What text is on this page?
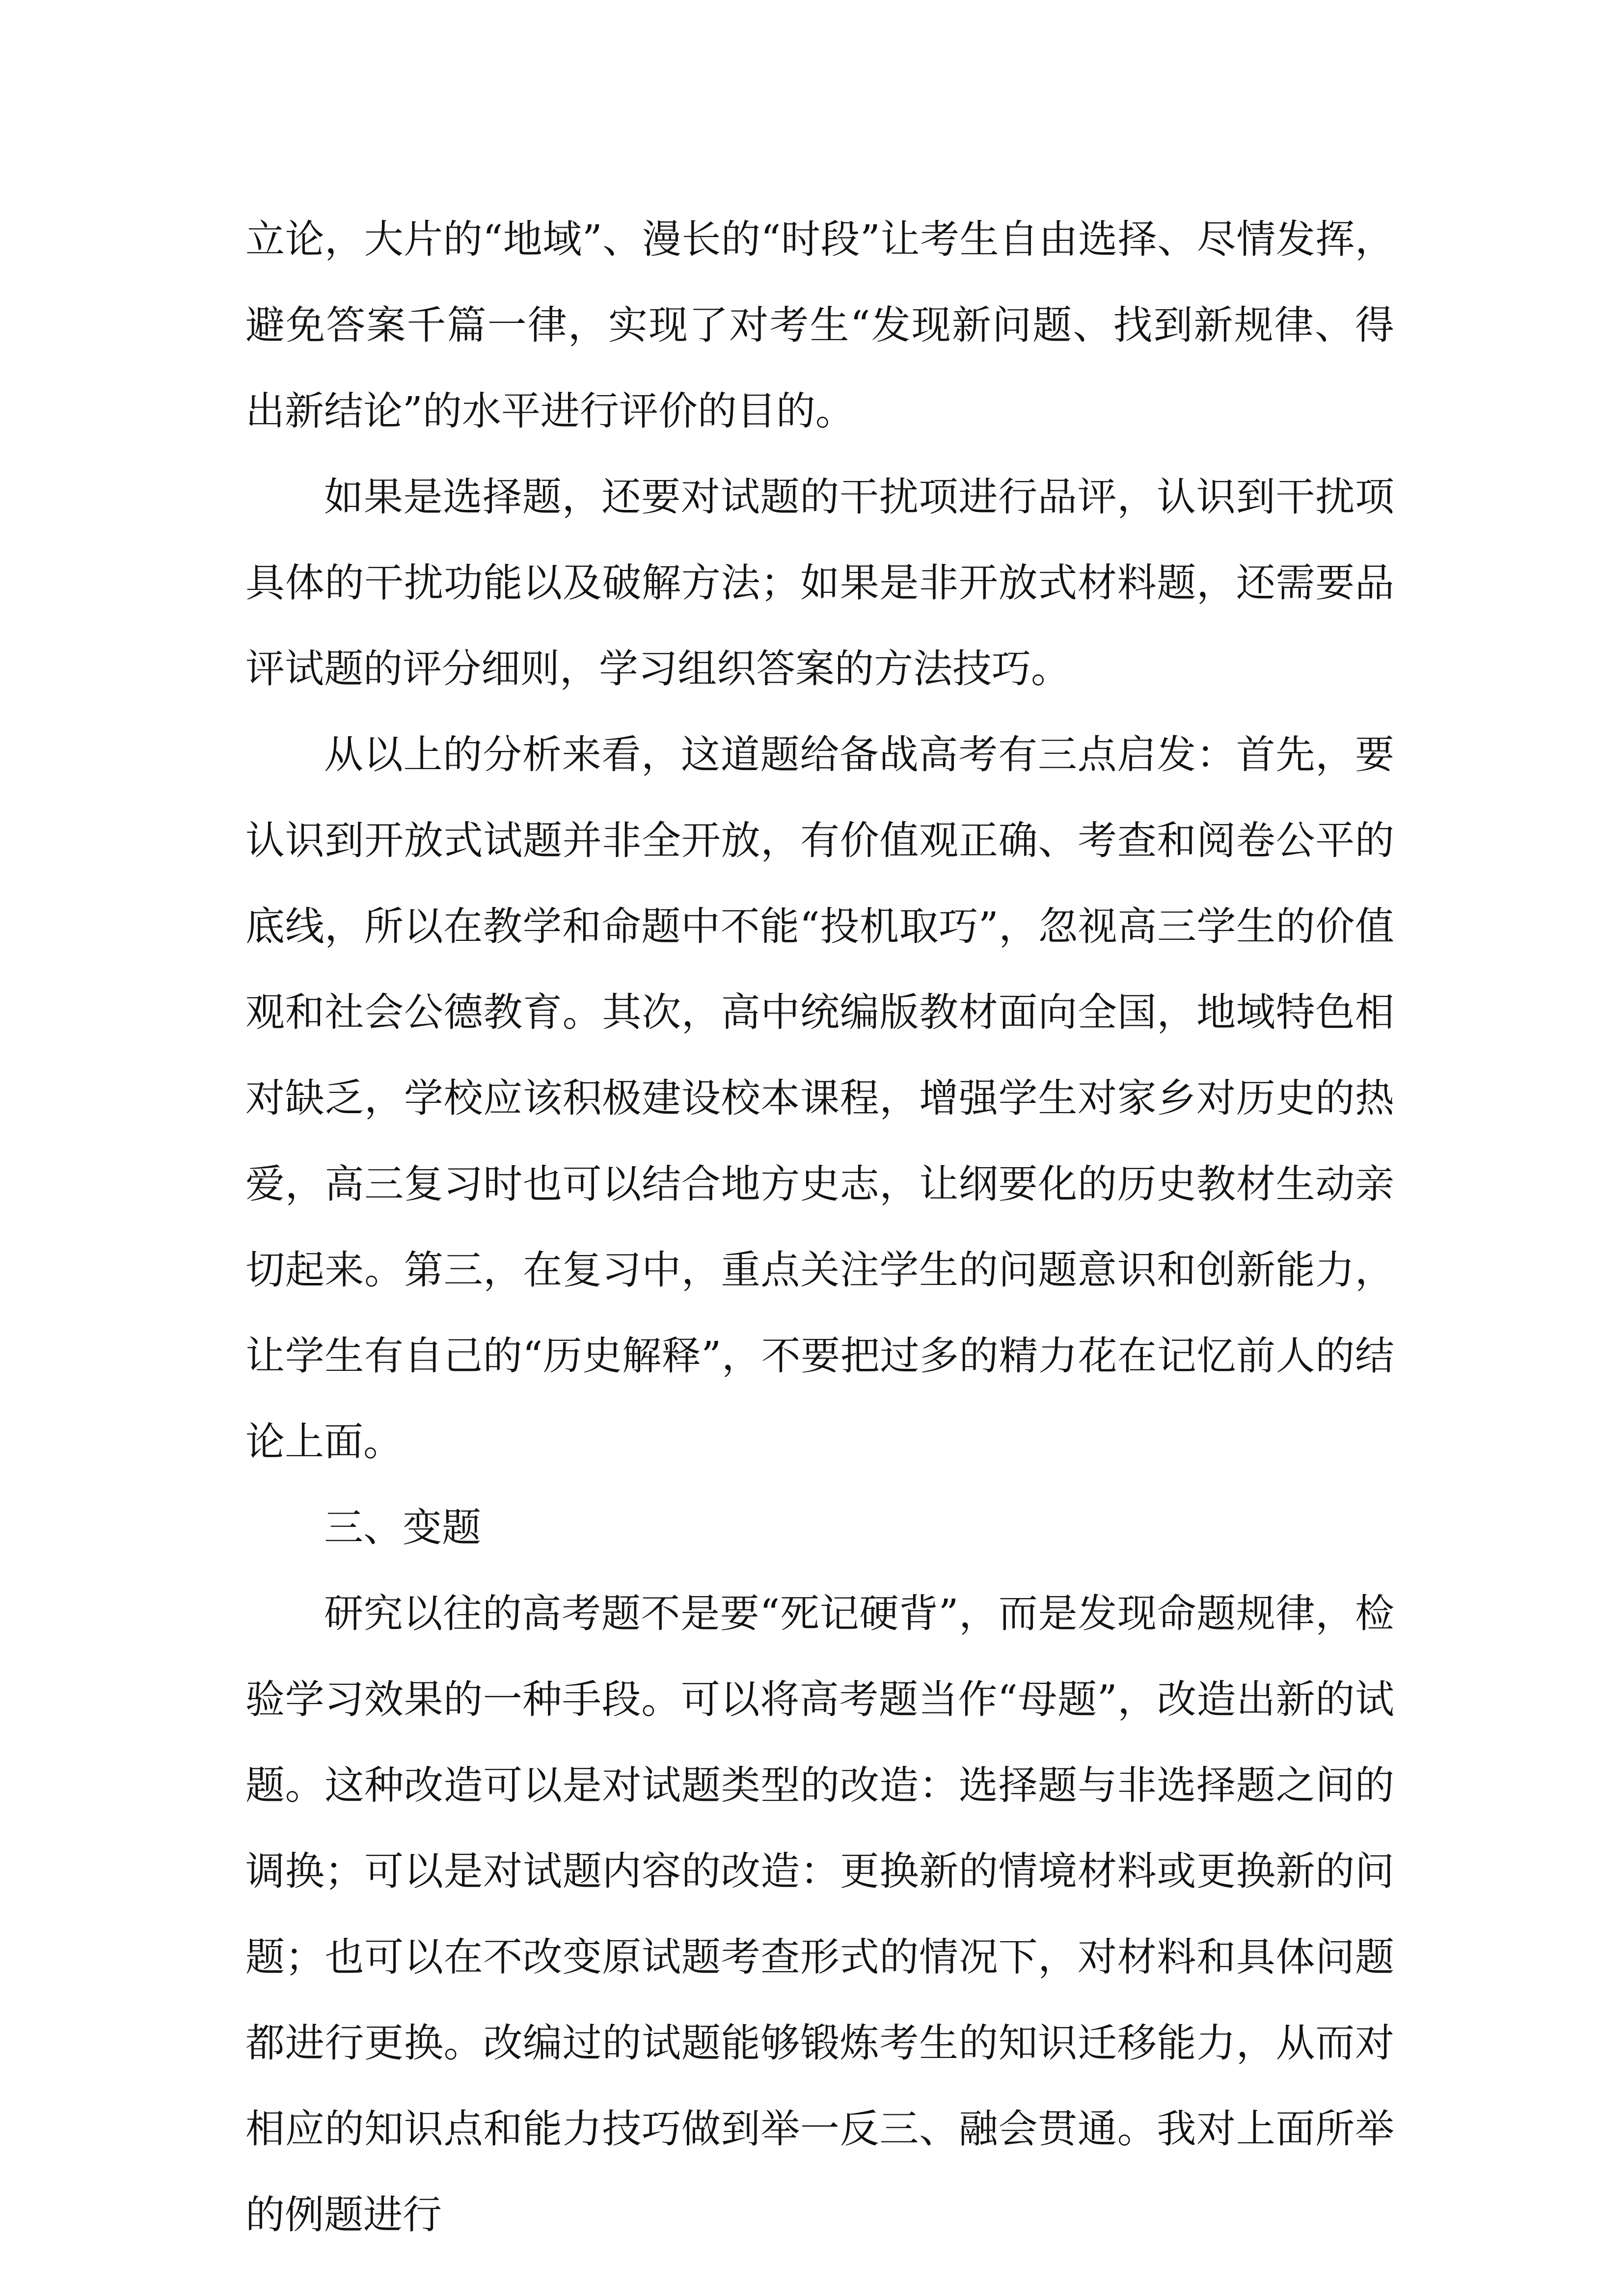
立论，大片的“地域”、漫长的“时段”让考生自由选择、尽情发挥，避免答案千篇一律，实现了对考生“发现新问题、找到新规律、得出新结论”的水平进行评价的目的。

如果是选择题，还要对试题的干扰项进行品评，认识到干扰项具体的干扰功能以及破解方法；如果是非开放式材料题，还需要品评试题的评分细则，学习组织答案的方法技巧。

从以上的分析来看，这道题给备战高考有三点启发：首先，要认识到开放式试题并非全开放，有价值观正确、考查和阅卷公平的底线，所以在教学和命题中不能“投机取巧”，忽视高三学生的价值观和社会公德教育。其次，高中统编版教材面向全国，地域特色相对缺乏，学校应该积极建设校本课程，增强学生对家乡对历史的热爱，高三复习时也可以结合地方史志，让纲要化的历史教材生动亲切起来。第三，在复习中，重点关注学生的问题意识和创新能力，让学生有自己的“历史解释”，不要把过多的精力花在记忆前人的结论上面。

三、变题

研究以往的高考题不是要“死记硬背”，而是发现命题规律，检验学习效果的一种手段。可以将高考题当作“母题”，改造出新的试题。这种改造可以是对试题类型的改造：选择题与非选择题之间的调换；可以是对试题内容的改造：更换新的情境材料或更换新的问题；也可以在不改变原试题考查形式的情况下，对材料和具体问题都进行更换。改编过的试题能够锻炼考生的知识迁移能力，从而对相应的知识点和能力技巧做到举一反三、融会贯通。我对上面所举的例题进行
